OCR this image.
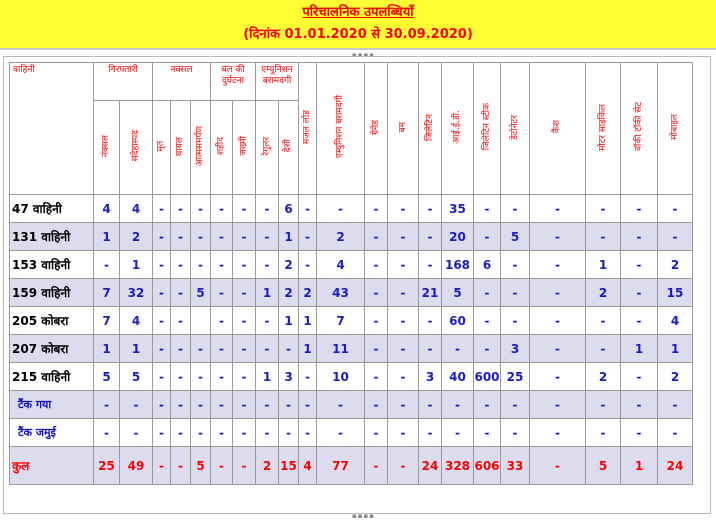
परिचालनिक उपलब्धियाँ
(दिनांक 01.01.2020 से 30.09.2020)
▪▪▪▪
वाहिनी	गिरफ्तारी		नक्सल			बल की दुर्घटना		एम्युनिशन बरामदगी		मजल लोड	एम्युनिशन बरामदगी	ग्रेनेड	बम	जिलेटिन	आई.ई.डी.	जिलेटिन स्टीक	डेटोनेटर	कैश	मोटर साइकिल	वॉकी टॉकी सेट	मोबाइल
	नक्सल	संदेहास्पद	मृत	घायल	आत्मसमर्पण	शहीद	जख्मी	रेगुलर	देशी												
47 वाहिनी	4	4	-	-	-	-	-	-	6	-	-	-	-	-	35	-	-	-	-	-	-
131 वाहिनी	1	2	-	-	-	-	-	-	1	-	2	-	-	-	20	-	5	-	-	-	-
153 वाहिनी	-	1	-	-	-	-	-	-	2	-	4	-	-	-	168	6	-	-	1	-	2
159 वाहिनी	7	32	-	-	5	-	-	1	2	2	43	-	-	21	5	-	-	-	2	-	15
205 कोबरा	7	4	-	-		-	-	-	1	1	7	-	-	-	60	-	-	-	-	-	4
207 कोबरा	1	1	-	-	-	-	-	-	-	1	11	-	-	-	-	-	3	-	-	1	1
215 वाहिनी	5	5	-	-	-	-	-	1	3	-	10	-	-	3	40	600	25	-	2	-	2
टैंक गया	-	-	-	-	-	-	-	-	-	-	-	-	-	-	-	-	-	-	-	-	-
टैंक जमुई	-	-	-	-	-	-	-	-	-	-	-	-	-	-	-	-	-	-	-	-	-
कुल	25	49	-	-	5	-	-	2	15	4	77	-	-	24	328	606	33	-	5	1	24
▪▪▪▪
